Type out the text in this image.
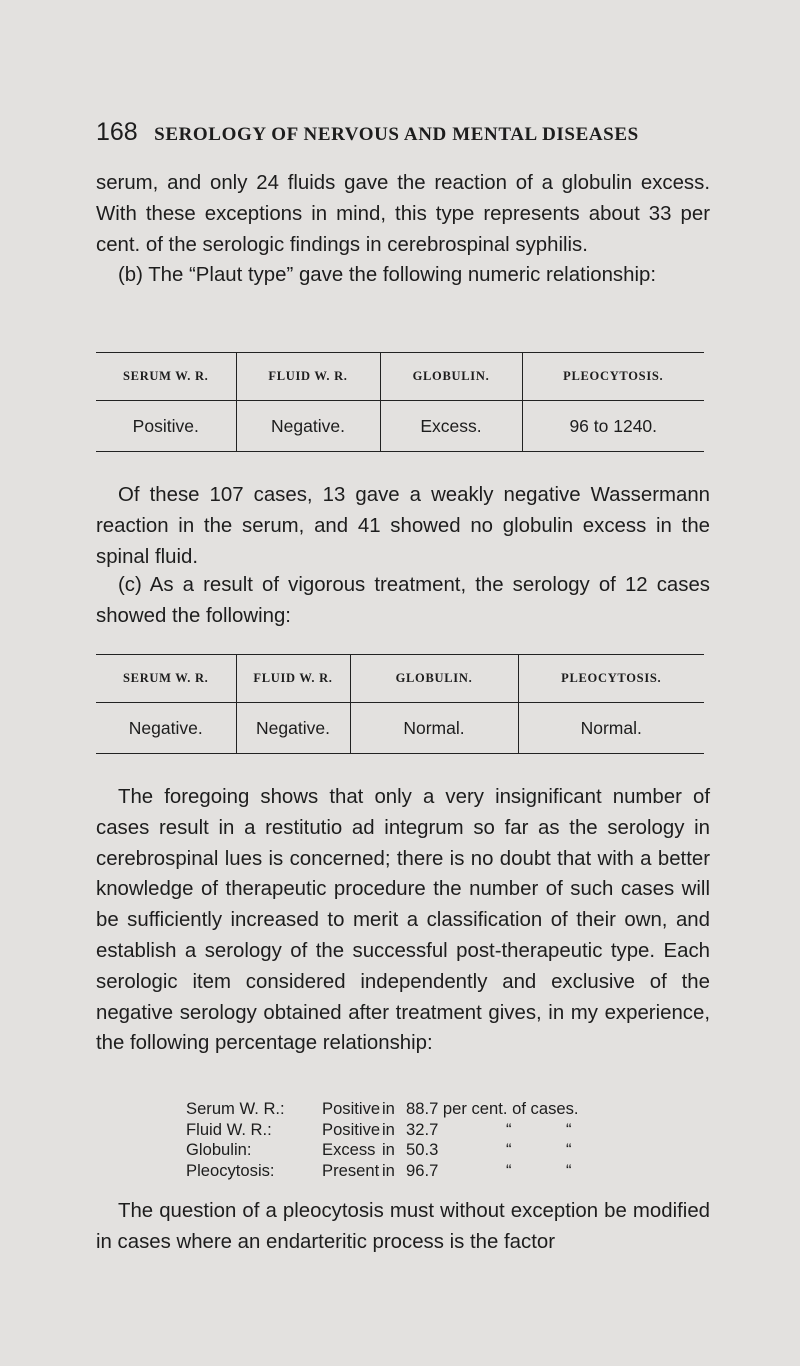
168 SEROLOGY OF NERVOUS AND MENTAL DISEASES

serum, and only 24 fluids gave the reaction of a globulin excess. With these exceptions in mind, this type represents about 33 per cent. of the serologic findings in cerebrospinal syphilis.

(b) The “Plaut type” gave the following numeric relationship:

SERUM W. R.	FLUID W. R.	GLOBULIN.	PLEOCYTOSIS.
Positive.	Negative.	Excess.	96 to 1240.

Of these 107 cases, 13 gave a weakly negative Wassermann reaction in the serum, and 41 showed no globulin excess in the spinal fluid.

(c) As a result of vigorous treatment, the serology of 12 cases showed the following:

SERUM W. R.	FLUID W. R.	GLOBULIN.	PLEOCYTOSIS.
Negative.	Negative.	Normal.	Normal.

The foregoing shows that only a very insignificant number of cases result in a restitutio ad integrum so far as the serology in cerebrospinal lues is concerned; there is no doubt that with a better knowledge of therapeutic procedure the number of such cases will be sufficiently increased to merit a classification of their own, and establish a serology of the successful post-therapeutic type. Each serologic item considered independently and exclusive of the negative serology obtained after treatment gives, in my experience, the following percentage relationship:

Serum W. R.: Positive in 88.7 per cent. of cases.
Fluid W. R.:	Positive in 32.7	“	“
Globulin:	Excess in 50.3	“	“
Pleocytosis:	Present in 96.7	“	“

The question of a pleocytosis must without exception be modified in cases where an endarteritic process is the factor
